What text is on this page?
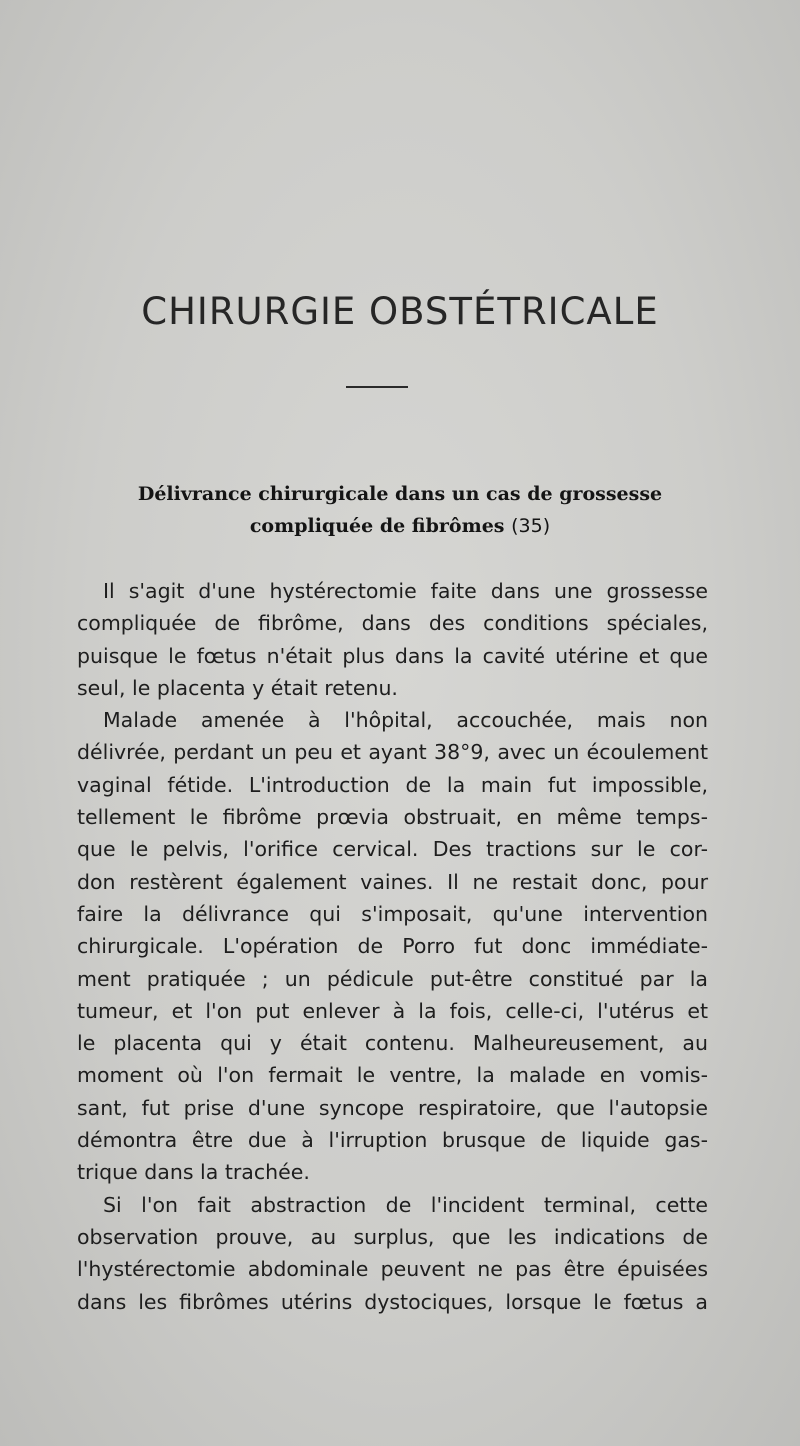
CHIRURGIE OBSTÉTRICALE
Délivrance chirurgicale dans un cas de grossesse
compliquée de fibrômes (35)

Il s'agit d'une hystérectomie faite dans une grossesse
compliquée de fibrôme, dans des conditions spéciales,
puisque le fœtus n'était plus dans la cavité utérine et que
seul, le placenta y était retenu.

Malade amenée à l'hôpital, accouchée, mais non
délivrée, perdant un peu et ayant 38°9, avec un écoulement
vaginal fétide. L'introduction de la main fut impossible,
tellement le fibrôme prœvia obstruait, en même temps-
que le pelvis, l'orifice cervical. Des tractions sur le cor-
don restèrent également vaines. Il ne restait donc, pour
faire la délivrance qui s'imposait, qu'une intervention
chirurgicale. L'opération de Porro fut donc immédiate-
ment pratiquée ; un pédicule put-être constitué par la
tumeur, et l'on put enlever à la fois, celle-ci, l'utérus et
le placenta qui y était contenu. Malheureusement, au
moment où l'on fermait le ventre, la malade en vomis-
sant, fut prise d'une syncope respiratoire, que l'autopsie
démontra être due à l'irruption brusque de liquide gas-
trique dans la trachée.

Si l'on fait abstraction de l'incident terminal, cette
observation prouve, au surplus, que les indications de
l'hystérectomie abdominale peuvent ne pas être épuisées
dans les fibrômes utérins dystociques, lorsque le fœtus a
